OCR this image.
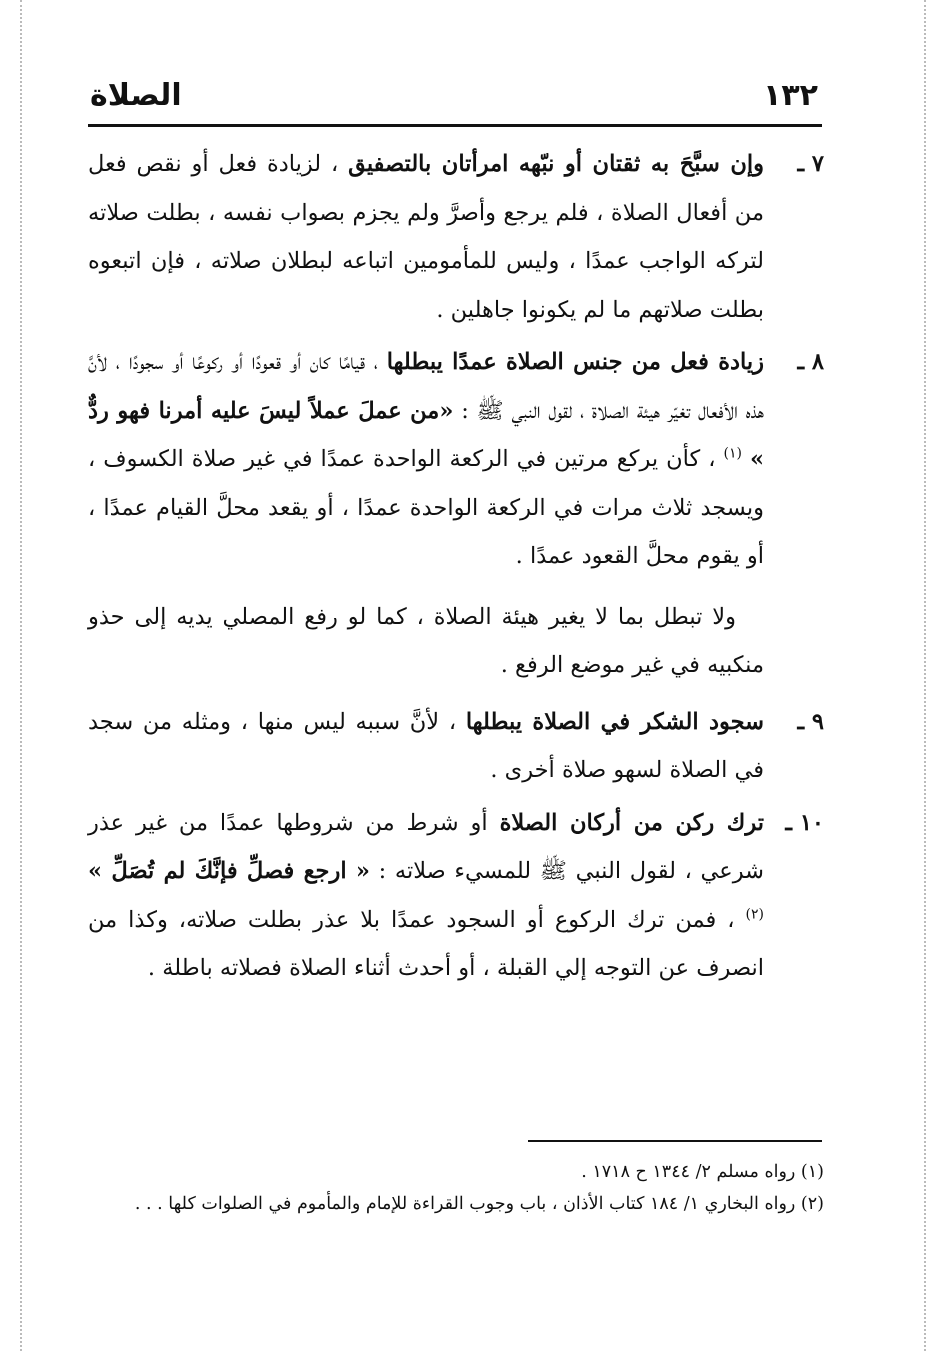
١٣٢
الصلاة
٧ ـ
وإن سبَّحَ به ثقتان أو نبّهه امرأتان بالتصفيق ، لزيادة فعل أو نقص فعل من أفعال الصلاة ، فلم يرجع وأصرَّ ولم يجزم بصواب نفسه ، بطلت صلاته لتركه الواجب عمدًا ، وليس للمأمومين اتباعه لبطلان صلاته ، فإن اتبعوه بطلت صلاتهم ما لم يكونوا جاهلين .
٨ ـ
زيادة فعل من جنس الصلاة عمدًا يبطلها ، قيامًا كان أو قعودًا أو ركوعًا أو سجودًا ، لأنَّ هذه الأفعال تغيّر هيئة الصلاة ، لقول النبي ﷺ : «من عملَ عملاً ليسَ عليه أمرنا فهو ردٌّ » $^{(١)}$ ، كأن يركع مرتين في الركعة الواحدة عمدًا في غير صلاة الكسوف ، ويسجد ثلاث مرات في الركعة الواحدة عمدًا ، أو يقعد محلَّ القيام عمدًا ، أو يقوم محلَّ القعود عمدًا .
ولا تبطل بما لا يغير هيئة الصلاة ، كما لو رفع المصلي يديه إلى حذو منكبيه في غير موضع الرفع .
٩ ـ
سجود الشكر في الصلاة يبطلها ، لأنَّ سببه ليس منها ، ومثله من سجد في الصلاة لسهو صلاة أخرى .
١٠ ـ
ترك ركن من أركان الصلاة أو شرط من شروطها عمدًا من غير عذر شرعي ، لقول النبي ﷺ للمسيء صلاته : « ارجع فصلِّ فإنَّكَ لم تُصَلِّ » $^{(٢)}$ ، فمن ترك الركوع أو السجود عمدًا بلا عذر بطلت صلاته، وكذا من انصرف عن التوجه إلي القبلة ، أو أحدث أثناء الصلاة فصلاته باطلة .

(١) رواه مسلم ٢/ ١٣٤٤ ح ١٧١٨ .

(٢) رواه البخاري ١/ ١٨٤ كتاب الأذان ، باب وجوب القراءة للإمام والمأموم في الصلوات كلها . . .
